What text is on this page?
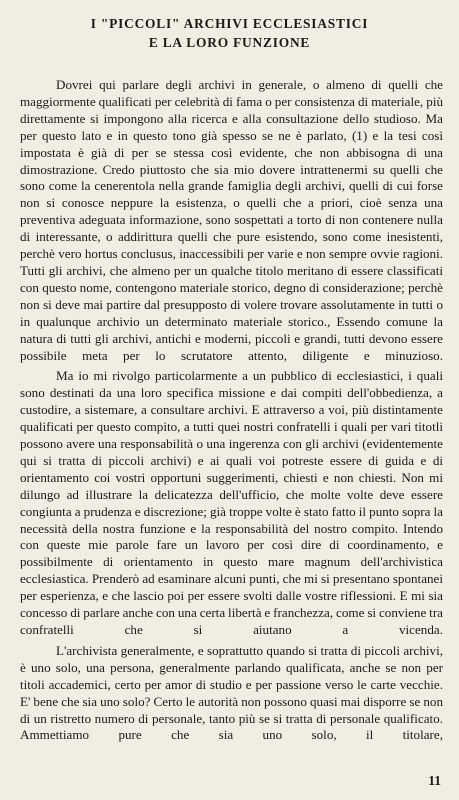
I "PICCOLI" ARCHIVI ECCLESIASTICI
E LA LORO FUNZIONE

Dovrei qui parlare degli archivi in generale, o almeno di quelli che maggiormente qualificati per celebrità di fama o per consistenza di materiale, più direttamente si impongono alla ricerca e alla consultazione dello studioso. Ma per questo lato e in questo tono già spesso se ne è parlato, (1) e la tesi così impostata è già di per se stessa così evidente, che non abbisogna di una dimostrazione. Credo piuttosto che sia mio dovere intrattenermi su quelli che sono come la cenerentola nella grande famiglia degli archivi, quelli di cui forse non si conosce neppure la esistenza, o quelli che a priori, cioè senza una preventiva adeguata informazione, sono sospettati a torto di non contenere nulla di interessante, o addirittura quelli che pure esistendo, sono come inesistenti, perchè vero hortus conclusus, inaccessibili per varie e non sempre ovvie ragioni. Tutti gli archivi, che almeno per un qualche titolo meritano di essere classificati con questo nome, contengono materiale storico, degno di considerazione; perchè non si deve mai partire dal presupposto di volere trovare assolutamente in tutti o in qualunque archivio un determinato materiale storico., Essendo comune la natura di tutti gli archivi, antichi e moderni, piccoli e grandi, tutti devono essere possibile meta per lo scrutatore attento, diligente e minuzioso.

Ma io mi rivolgo particolarmente a un pubblico di ecclesiastici, i quali sono destinati da una loro specifica missione e dai compiti dell'obbedienza, a custodire, a sistemare, a consultare archivi. E attraverso a voi, più distintamente qualificati per questo compito, a tutti quei nostri confratelli i quali per vari titotli possono avere una responsabilità o una ingerenza con gli archivi (evidentemente qui si tratta di piccoli archivi) e ai quali voi potreste essere di guida e di orientamento coi vostri opportuni suggerimenti, chiesti e non chiesti. Non mi dilungo ad illustrare la delicatezza dell'ufficio, che molte volte deve essere congiunta a prudenza e discrezione; già troppe volte è stato fatto il punto sopra la necessità della nostra funzione e la responsabilità del nostro compito. Intendo con queste mie parole fare un lavoro per così dire di coordinamento, e possibilmente di orientamento in questo mare magnum dell'archivistica ecclesiastica. Prenderò ad esaminare alcuni punti, che mi si presentano spontanei per esperienza, e che lascio poi per essere svolti dalle vostre riflessioni. E mi sia concesso di parlare anche con una certa libertà e franchezza, come si conviene tra confratelli che si aiutano a vicenda.

L'archivista generalmente, e soprattutto quando si tratta di piccoli archivi, è uno solo, una persona, generalmente parlando qualificata, anche se non per titoli accademici, certo per amor di studio e per passione verso le carte vecchie. E' bene che sia uno solo? Certo le autorità non possono quasi mai disporre se non di un ristretto numero di personale, tanto più se si tratta di personale qualificato. Ammettiamo pure che sia uno solo, il titolare,

11
